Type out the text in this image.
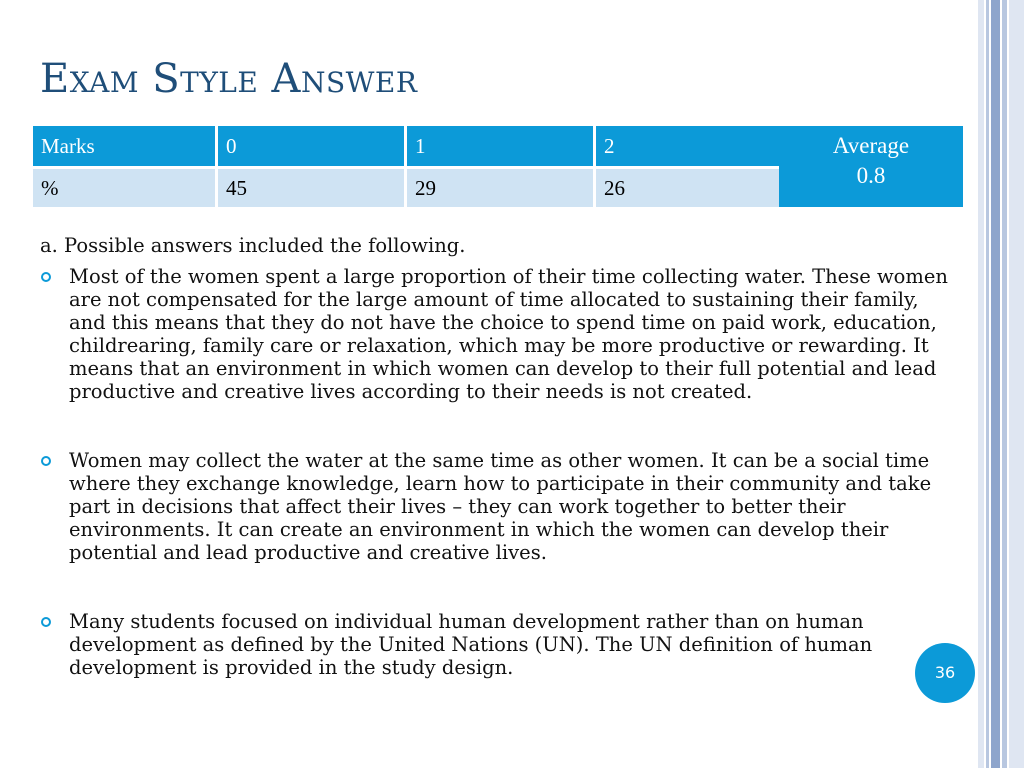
Exam Style Answer
Marks	0	1	2
%	45	29	26
Average
0.8

a. Possible answers included the following.

Most of the women spent a large proportion of their time collecting water. These women are not compensated for the large amount of time allocated to sustaining their family, and this means that they do not have the choice to spend time on paid work, education, childrearing, family care or relaxation, which may be more productive or rewarding. It means that an environment in which women can develop to their full potential and lead productive and creative lives according to their needs is not created.
Women may collect the water at the same time as other women. It can be a social time where they exchange knowledge, learn how to participate in their community and take part in decisions that affect their lives – they can work together to better their environments. It can create an environment in which the women can develop their potential and lead productive and creative lives.
Many students focused on individual human development rather than on human development as defined by the United Nations (UN). The UN definition of human development is provided in the study design.	36
